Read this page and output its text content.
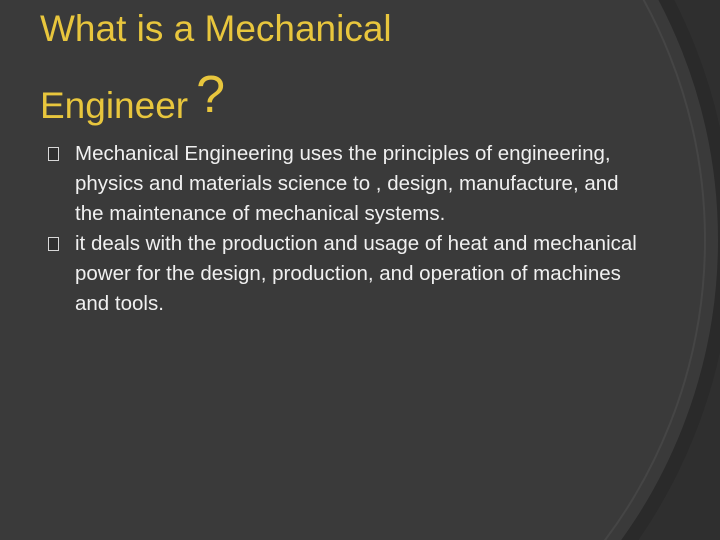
What is a Mechanical
Engineer ?
Mechanical Engineering uses the principles of engineering, physics and materials science to , design, manufacture, and the maintenance of mechanical systems.
it deals with the production and usage of heat and mechanical power for the design, production, and operation of machines and tools.
